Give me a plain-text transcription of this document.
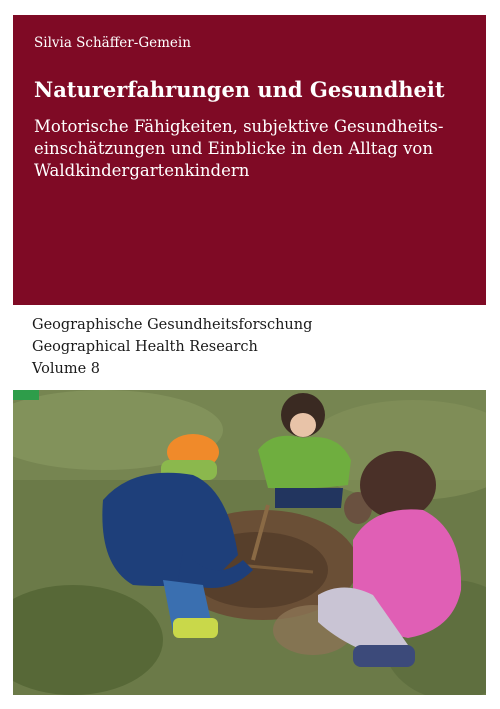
Silvia Schäffer-Gemein

Naturerfahrungen und Gesundheit

Motorische Fähigkeiten, subjektive Gesundheits-
einschätzungen und Einblicke in den Alltag von
Waldkindergartenkindern

Geographische Gesundheitsforschung
Geographical Health Research
Volume 8
